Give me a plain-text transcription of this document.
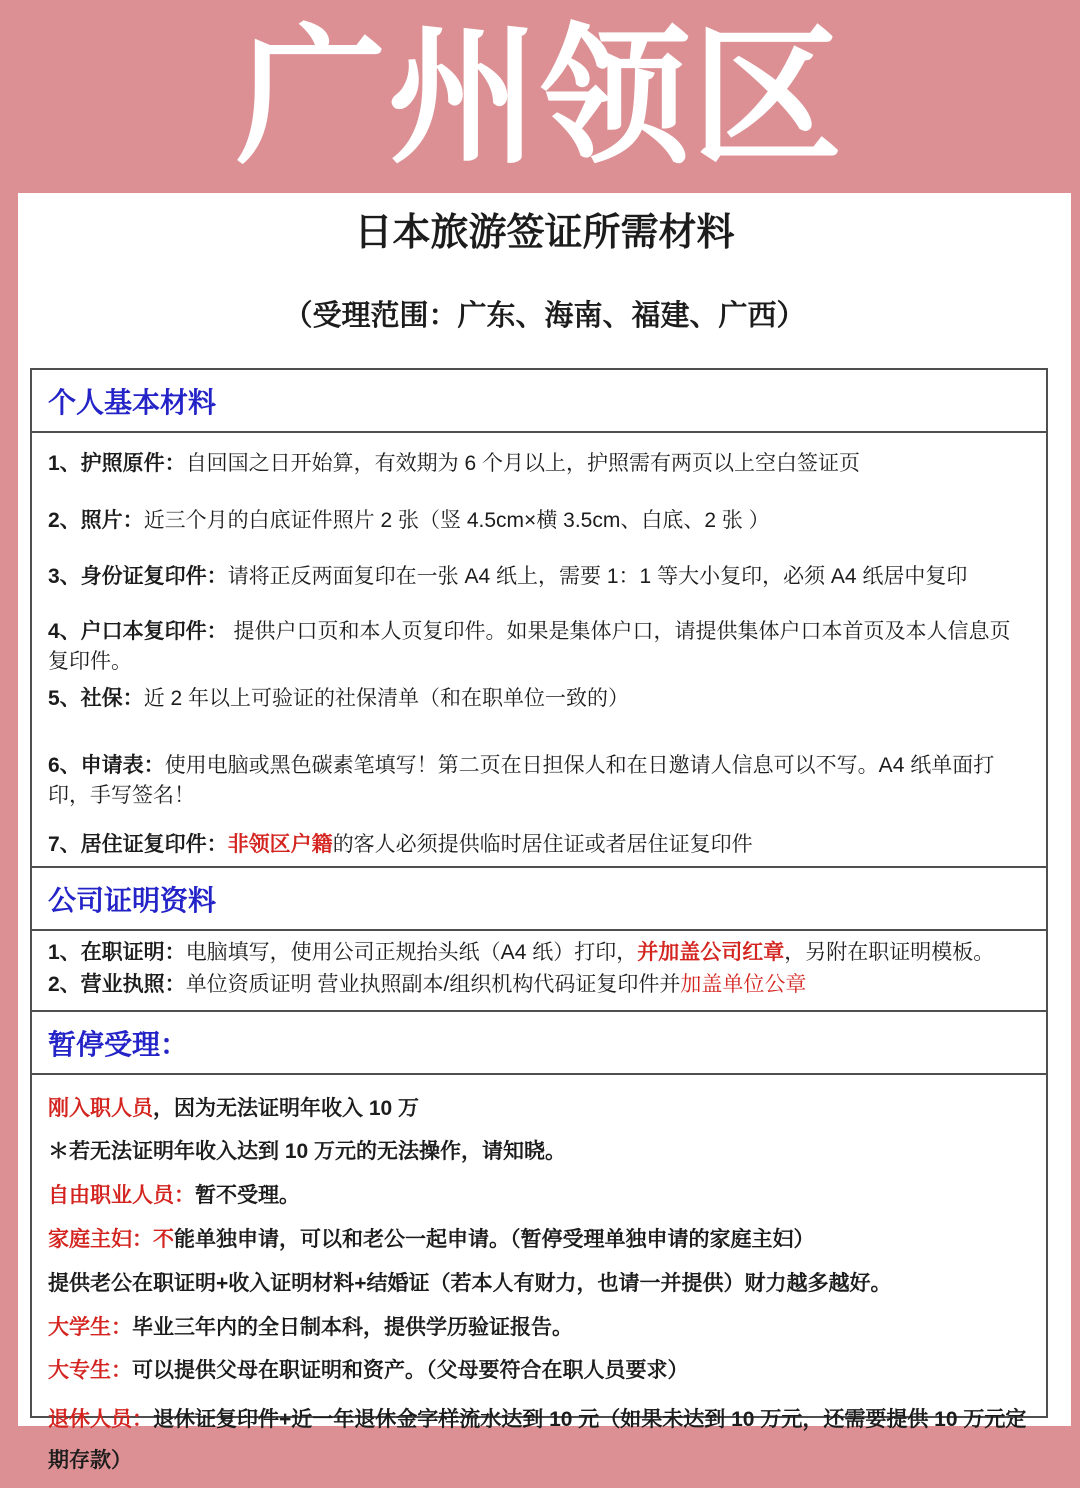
广州领区
日本旅游签证所需材料
（受理范围：广东、海南、福建、广西）
个人基本材料

1、护照原件：自回国之日开始算，有效期为 6 个月以上，护照需有两页以上空白签证页

2、照片：近三个月的白底证件照片 2 张（竖 4.5cm×横 3.5cm、白底、2 张 ）

3、身份证复印件：请将正反两面复印在一张 A4 纸上，需要 1：1 等大小复印，必须 A4 纸居中复印

4、户口本复印件： 提供户口页和本人页复印件。如果是集体户口，请提供集体户口本首页及本人信息页复印件。

5、社保：近 2 年以上可验证的社保清单（和在职单位一致的）

6、申请表：使用电脑或黑色碳素笔填写！第二页在日担保人和在日邀请人信息可以不写。A4 纸单面打印，手写签名！

7、居住证复印件：非领区户籍的客人必须提供临时居住证或者居住证复印件

公司证明资料

1、在职证明：电脑填写，使用公司正规抬头纸（A4 纸）打印，并加盖公司红章，另附在职证明模板。

2、营业执照：单位资质证明 营业执照副本/组织机构代码证复印件并加盖单位公章

暂停受理：

刚入职人员，因为无法证明年收入 10 万

＊若无法证明年收入达到 10 万元的无法操作，请知晓。

自由职业人员：暂不受理。

家庭主妇：不能单独申请，可以和老公一起申请。（暂停受理单独申请的家庭主妇）

提供老公在职证明+收入证明材料+结婚证（若本人有财力，也请一并提供）财力越多越好。

大学生：毕业三年内的全日制本科，提供学历验证报告。

大专生：可以提供父母在职证明和资产。（父母要符合在职人员要求）

退休人员：退休证复印件+近一年退休金字样流水达到 10 元（如果未达到 10 万元，还需要提供 10 万元定期存款）
